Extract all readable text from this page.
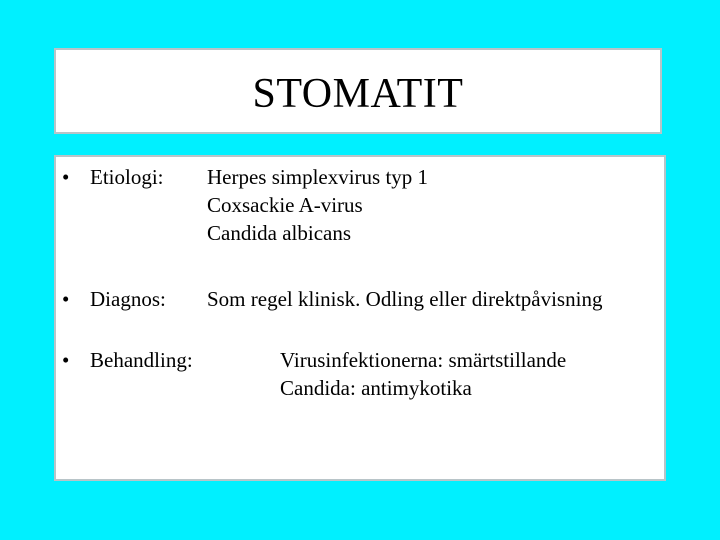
STOMATIT
• Etiologi: Herpes simplexvirus typ 1
Coxsackie A-virus
Candida albicans
• Diagnos: Som regel klinisk. Odling eller direktpåvisning
• Behandling:	Virusinfektionerna: smärtstillande
Candida: antimykotika
